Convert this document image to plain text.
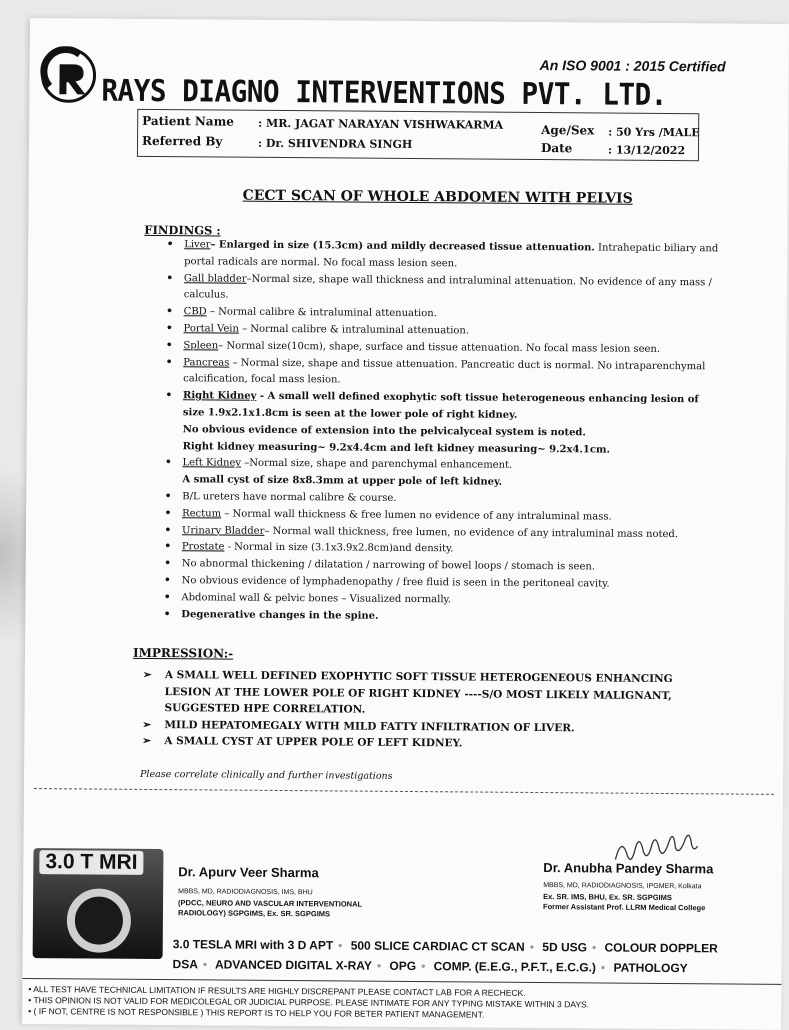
An ISO 9001 : 2015 Certified
RAYS DIAGNO INTERVENTIONS PVT. LTD.
Patient Name : MR. JAGAT NARAYAN VISHWAKARMA
Referred By	: Dr. SHIVENDRA SINGH
Age/Sex : 50 Yrs /MALE
Date	: 13/12/2022
CECT SCAN OF WHOLE ABDOMEN WITH PELVIS
FINDINGS :
• Liver– Enlarged in size (15.3cm) and mildly decreased tissue attenuation. Intrahepatic biliary and portal radicals are normal. No focal mass lesion seen.
• Gall bladder–Normal size, shape wall thickness and intraluminal attenuation. No evidence of any mass / calculus.
• CBD – Normal calibre & intraluminal attenuation.
• Portal Vein – Normal calibre & intraluminal attenuation.
• Spleen– Normal size(10cm), shape, surface and tissue attenuation. No focal mass lesion seen.
• Pancreas – Normal size, shape and tissue attenuation. Pancreatic duct is normal. No intraparenchymal calcification, focal mass lesion.
• Right Kidney - A small well defined exophytic soft tissue heterogeneous enhancing lesion of size 1.9x2.1x1.8cm is seen at the lower pole of right kidney.
No obvious evidence of extension into the pelvicalyceal system is noted.
Right kidney measuring~ 9.2x4.4cm and left kidney measuring~ 9.2x4.1cm.
• Left Kidney –Normal size, shape and parenchymal enhancement.
A small cyst of size 8x8.3mm at upper pole of left kidney.
• B/L ureters have normal calibre & course.
• Rectum – Normal wall thickness & free lumen no evidence of any intraluminal mass.
• Urinary Bladder– Normal wall thickness, free lumen, no evidence of any intraluminal mass noted.
• Prostate - Normal in size (3.1x3.9x2.8cm)and density.
• No abnormal thickening / dilatation / narrowing of bowel loops / stomach is seen.
• No obvious evidence of lymphadenopathy / free fluid is seen in the peritoneal cavity.
• Abdominal wall & pelvic bones – Visualized normally.
• Degenerative changes in the spine.
IMPRESSION:-
➢ A SMALL WELL DEFINED EXOPHYTIC SOFT TISSUE HETEROGENEOUS ENHANCING LESION AT THE LOWER POLE OF RIGHT KIDNEY ----S/O MOST LIKELY MALIGNANT, SUGGESTED HPE CORRELATION.
➢ MILD HEPATOMEGALY WITH MILD FATTY INFILTRATION OF LIVER.
➢ A SMALL CYST AT UPPER POLE OF LEFT KIDNEY.
Please correlate clinically and further investigations
3.0 T MRI	Dr. Apurv Veer Sharma
MBBS, MD, RADIODIAGNOSIS, IMS, BHU
(PDCC, NEURO AND VASCULAR INTERVENTIONAL
RADIOLOGY) SGPGIMS, Ex. SR. SGPGIMS
Dr. Anubha Pandey Sharma
MBBS, MD, RADIODIAGNOSIS, IPGMER, Kolkata
Ex. SR. IMS, BHU, Ex. SR. SGPGIMS
Former Assistant Prof. LLRM Medical College
3.0 TESLA MRI with 3 D APT • 500 SLICE CARDIAC CT SCAN • 5D USG • COLOUR DOPPLER
DSA • ADVANCED DIGITAL X-RAY • OPG • COMP. (E.E.G., P.F.T., E.C.G.) • PATHOLOGY
• ALL TEST HAVE TECHNICAL LIMITATION IF RESULTS ARE HIGHLY DISCREPANT PLEASE CONTACT LAB FOR A RECHECK.
• THIS OPINION IS NOT VALID FOR MEDICOLEGAL OR JUDICIAL PURPOSE. PLEASE INTIMATE FOR ANY TYPING MISTAKE WITHIN 3 DAYS.
• ( IF NOT, CENTRE IS NOT RESPONSIBLE ) THIS REPORT IS TO HELP YOU FOR BETER PATIENT MANAGEMENT.
